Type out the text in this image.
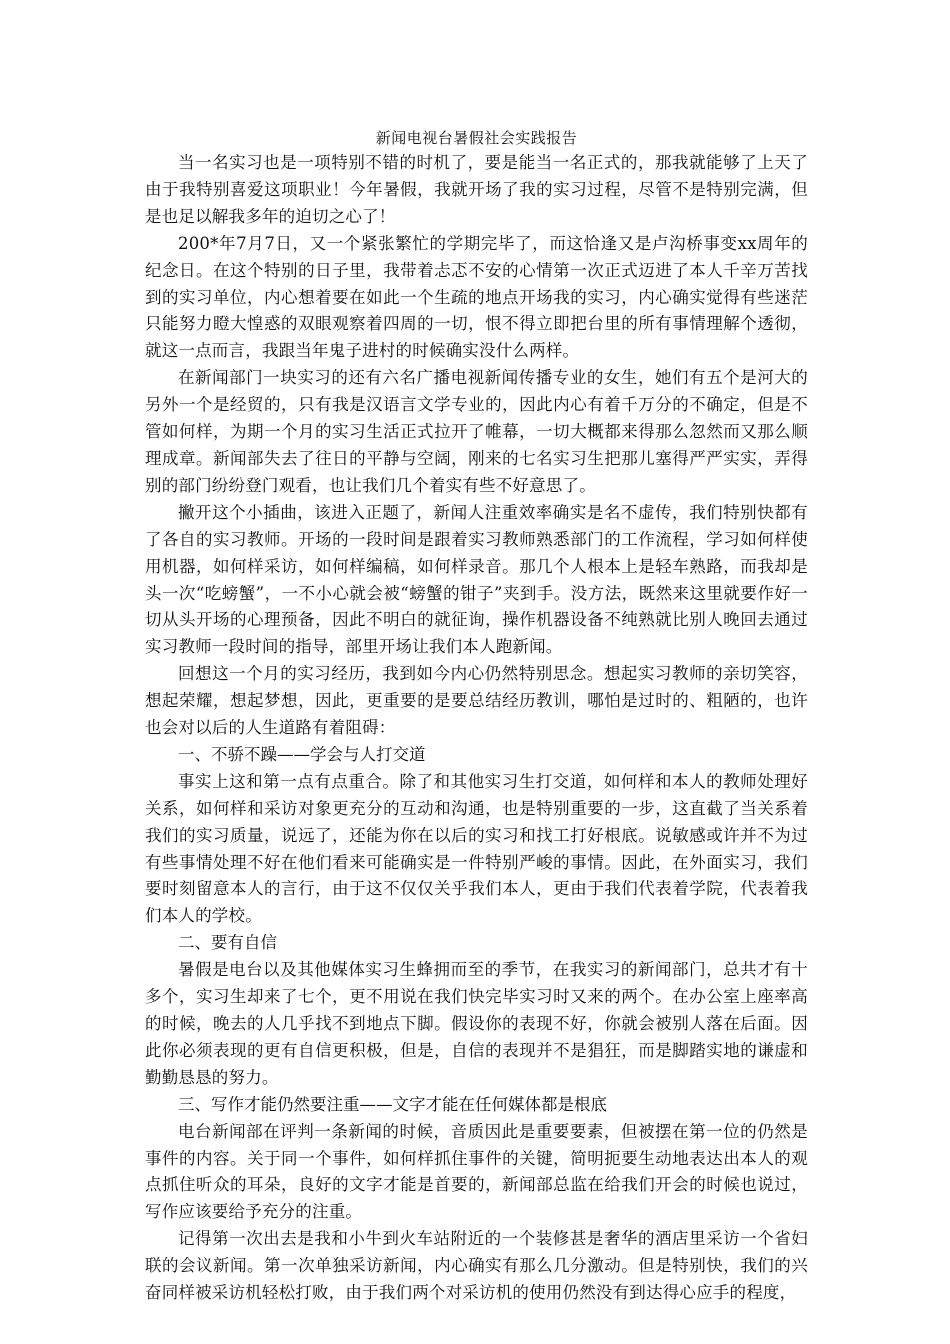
新闻电视台暑假社会实践报告

当一名实习也是一项特别不错的时机了，要是能当一名正式的，那我就能够了上天了由于我特别喜爱这项职业！今年暑假，我就开场了我的实习过程，尽管不是特别完满，但是也足以解我多年的迫切之心了！

200*年7月7日，又一个紧张繁忙的学期完毕了，而这恰逢又是卢沟桥事变xx周年的纪念日。在这个特别的日子里，我带着忐忑不安的心情第一次正式迈进了本人千辛万苦找到的实习单位，内心想着要在如此一个生疏的地点开场我的实习，内心确实觉得有些迷茫只能努力瞪大惶惑的双眼观察着四周的一切，恨不得立即把台里的所有事情理解个透彻，就这一点而言，我跟当年鬼子进村的时候确实没什么两样。

在新闻部门一块实习的还有六名广播电视新闻传播专业的女生，她们有五个是河大的另外一个是经贸的，只有我是汉语言文学专业的，因此内心有着千万分的不确定，但是不管如何样，为期一个月的实习生活正式拉开了帷幕，一切大概都来得那么忽然而又那么顺理成章。新闻部失去了往日的平静与空阔，刚来的七名实习生把那儿塞得严严实实，弄得别的部门纷纷登门观看，也让我们几个着实有些不好意思了。

撇开这个小插曲，该进入正题了，新闻人注重效率确实是名不虚传，我们特别快都有了各自的实习教师。开场的一段时间是跟着实习教师熟悉部门的工作流程，学习如何样使用机器，如何样采访，如何样编稿，如何样录音。那几个人根本上是轻车熟路，而我却是头一次“吃螃蟹”，一不小心就会被“螃蟹的钳子”夹到手。没方法，既然来这里就要作好一切从头开场的心理预备，因此不明白的就征询，操作机器设备不纯熟就比别人晚回去通过实习教师一段时间的指导，部里开场让我们本人跑新闻。

回想这一个月的实习经历，我到如今内心仍然特别思念。想起实习教师的亲切笑容，想起荣耀，想起梦想，因此，更重要的是要总结经历教训，哪怕是过时的、粗陋的，也许也会对以后的人生道路有着阻碍：

一、不骄不躁——学会与人打交道

事实上这和第一点有点重合。除了和其他实习生打交道，如何样和本人的教师处理好关系，如何样和采访对象更充分的互动和沟通，也是特别重要的一步，这直截了当关系着我们的实习质量，说远了，还能为你在以后的实习和找工打好根底。说敏感或许并不为过有些事情处理不好在他们看来可能确实是一件特别严峻的事情。因此，在外面实习，我们要时刻留意本人的言行，由于这不仅仅关乎我们本人，更由于我们代表着学院，代表着我们本人的学校。

二、要有自信

暑假是电台以及其他媒体实习生蜂拥而至的季节，在我实习的新闻部门，总共才有十多个，实习生却来了七个，更不用说在我们快完毕实习时又来的两个。在办公室上座率高的时候，晚去的人几乎找不到地点下脚。假设你的表现不好，你就会被别人落在后面。因此你必须表现的更有自信更积极，但是，自信的表现并不是猖狂，而是脚踏实地的谦虚和勤勤恳恳的努力。

三、写作才能仍然要注重——文字才能在任何媒体都是根底

电台新闻部在评判一条新闻的时候，音质因此是重要要素，但被摆在第一位的仍然是事件的内容。关于同一个事件，如何样抓住事件的关键，简明扼要生动地表达出本人的观点抓住听众的耳朵，良好的文字才能是首要的，新闻部总监在给我们开会的时候也说过，写作应该要给予充分的注重。

记得第一次出去是我和小牛到火车站附近的一个装修甚是奢华的酒店里采访一个省妇联的会议新闻。第一次单独采访新闻，内心确实有那么几分激动。但是特别快，我们的兴奋同样被采访机轻松打败，由于我们两个对采访机的使用仍然没有到达得心应手的程度，
